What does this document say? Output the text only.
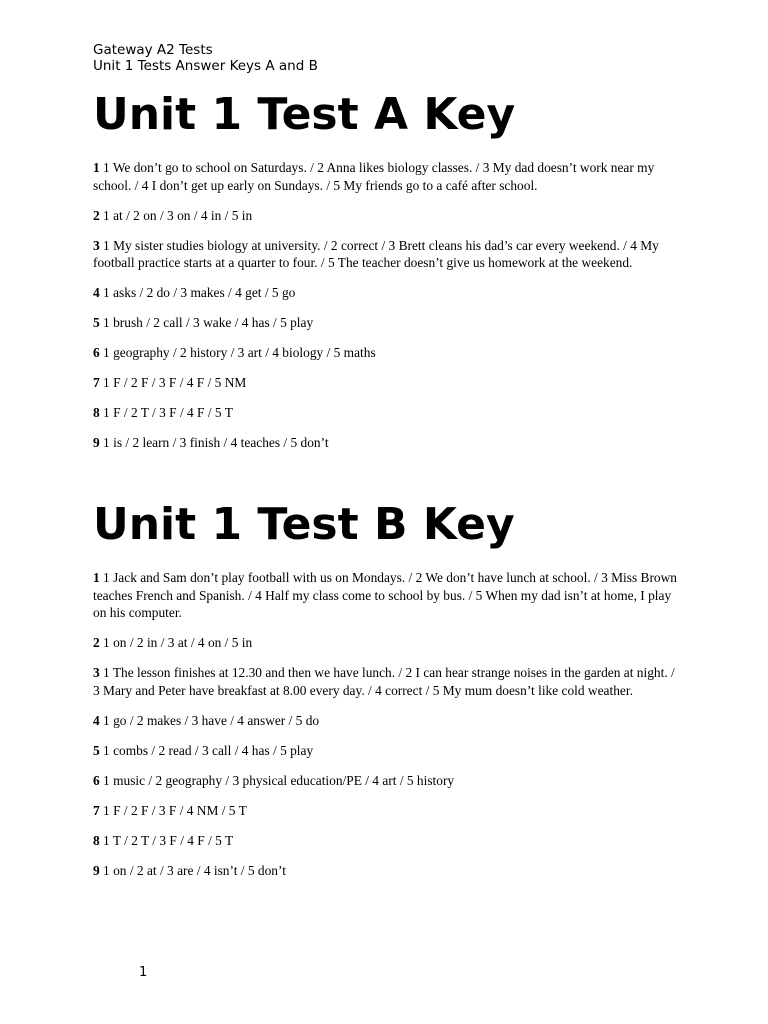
Gateway A2 Tests
Unit 1 Tests Answer Keys A and B
Unit 1 Test A Key

1 1 We don’t go to school on Saturdays. / 2 Anna likes biology classes. / 3 My dad doesn’t work near my school. / 4 I don’t get up early on Sundays. / 5 My friends go to a café after school.

2 1 at / 2 on / 3 on / 4 in / 5 in

3 1 My sister studies biology at university. / 2 correct / 3 Brett cleans his dad’s car every weekend. / 4 My football practice starts at a quarter to four. / 5 The teacher doesn’t give us homework at the weekend.

4 1 asks / 2 do / 3 makes / 4 get / 5 go

5 1 brush / 2 call / 3 wake / 4 has / 5 play

6 1 geography / 2 history / 3 art / 4 biology / 5 maths

7 1 F / 2 F / 3 F / 4 F / 5 NM

8 1 F / 2 T / 3 F / 4 F / 5 T

9 1 is / 2 learn / 3 finish / 4 teaches / 5 don’t

Unit 1 Test B Key

1 1 Jack and Sam don’t play football with us on Mondays. / 2 We don’t have lunch at school. / 3 Miss Brown teaches French and Spanish. / 4 Half my class come to school by bus. / 5 When my dad isn’t at home, I play on his computer.

2 1 on / 2 in / 3 at / 4 on / 5 in

3 1 The lesson finishes at 12.30 and then we have lunch. / 2 I can hear strange noises in the garden at night. / 3 Mary and Peter have breakfast at 8.00 every day. / 4 correct / 5 My mum doesn’t like cold weather.

4 1 go / 2 makes / 3 have / 4 answer / 5 do

5 1 combs / 2 read / 3 call / 4 has / 5 play

6 1 music / 2 geography / 3 physical education/PE / 4 art / 5 history

7 1 F / 2 F / 3 F / 4 NM / 5 T

8 1 T / 2 T / 3 F / 4 F / 5 T

9 1 on / 2 at / 3 are / 4 isn’t / 5 don’t

1
